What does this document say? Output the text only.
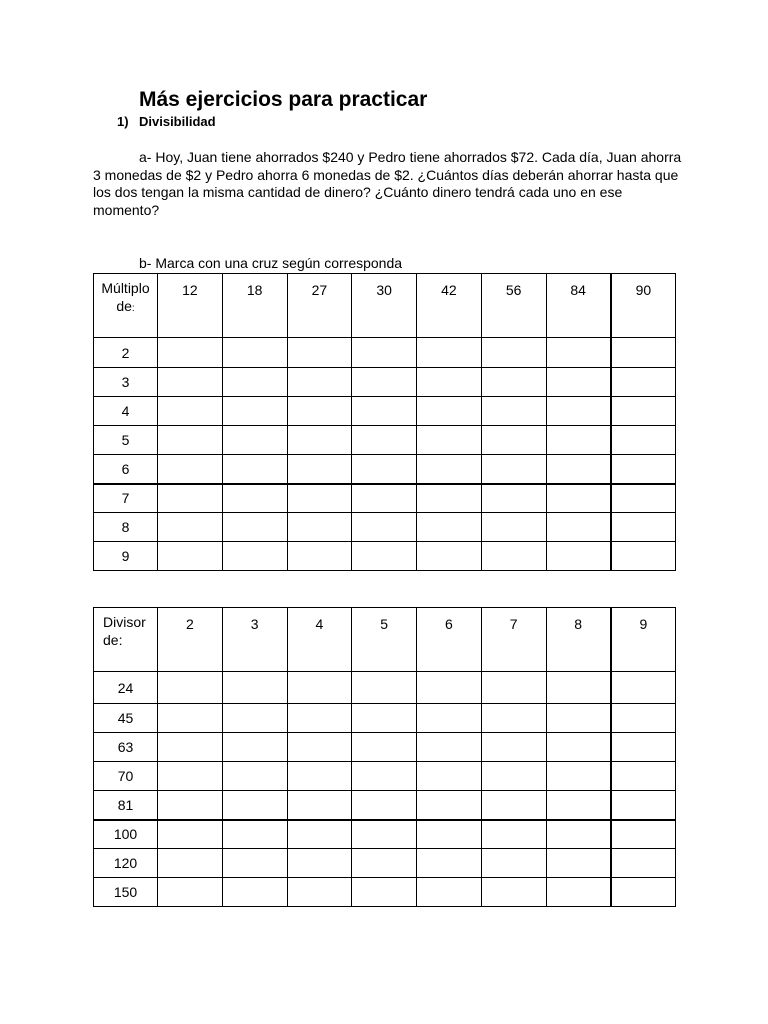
Más ejercicios para practicar
1) Divisibilidad
a- Hoy, Juan tiene ahorrados $240 y Pedro tiene ahorrados $72. Cada día, Juan ahorra 3 monedas de $2 y Pedro ahorra 6 monedas de $2. ¿Cuántos días deberán ahorrar hasta que los dos tengan la misma cantidad de dinero? ¿Cuánto dinero tendrá cada uno en ese momento?
b- Marca con una cruz según corresponda
Múltiplo
de:	12	18	27	30	42	56	84	90
2								
3								
4								
5								
6								
7								
8								
9								
Divisor
de:	2	3	4	5	6	7	8	9
24								
45								
63								
70								
81								
100								
120								
150								
